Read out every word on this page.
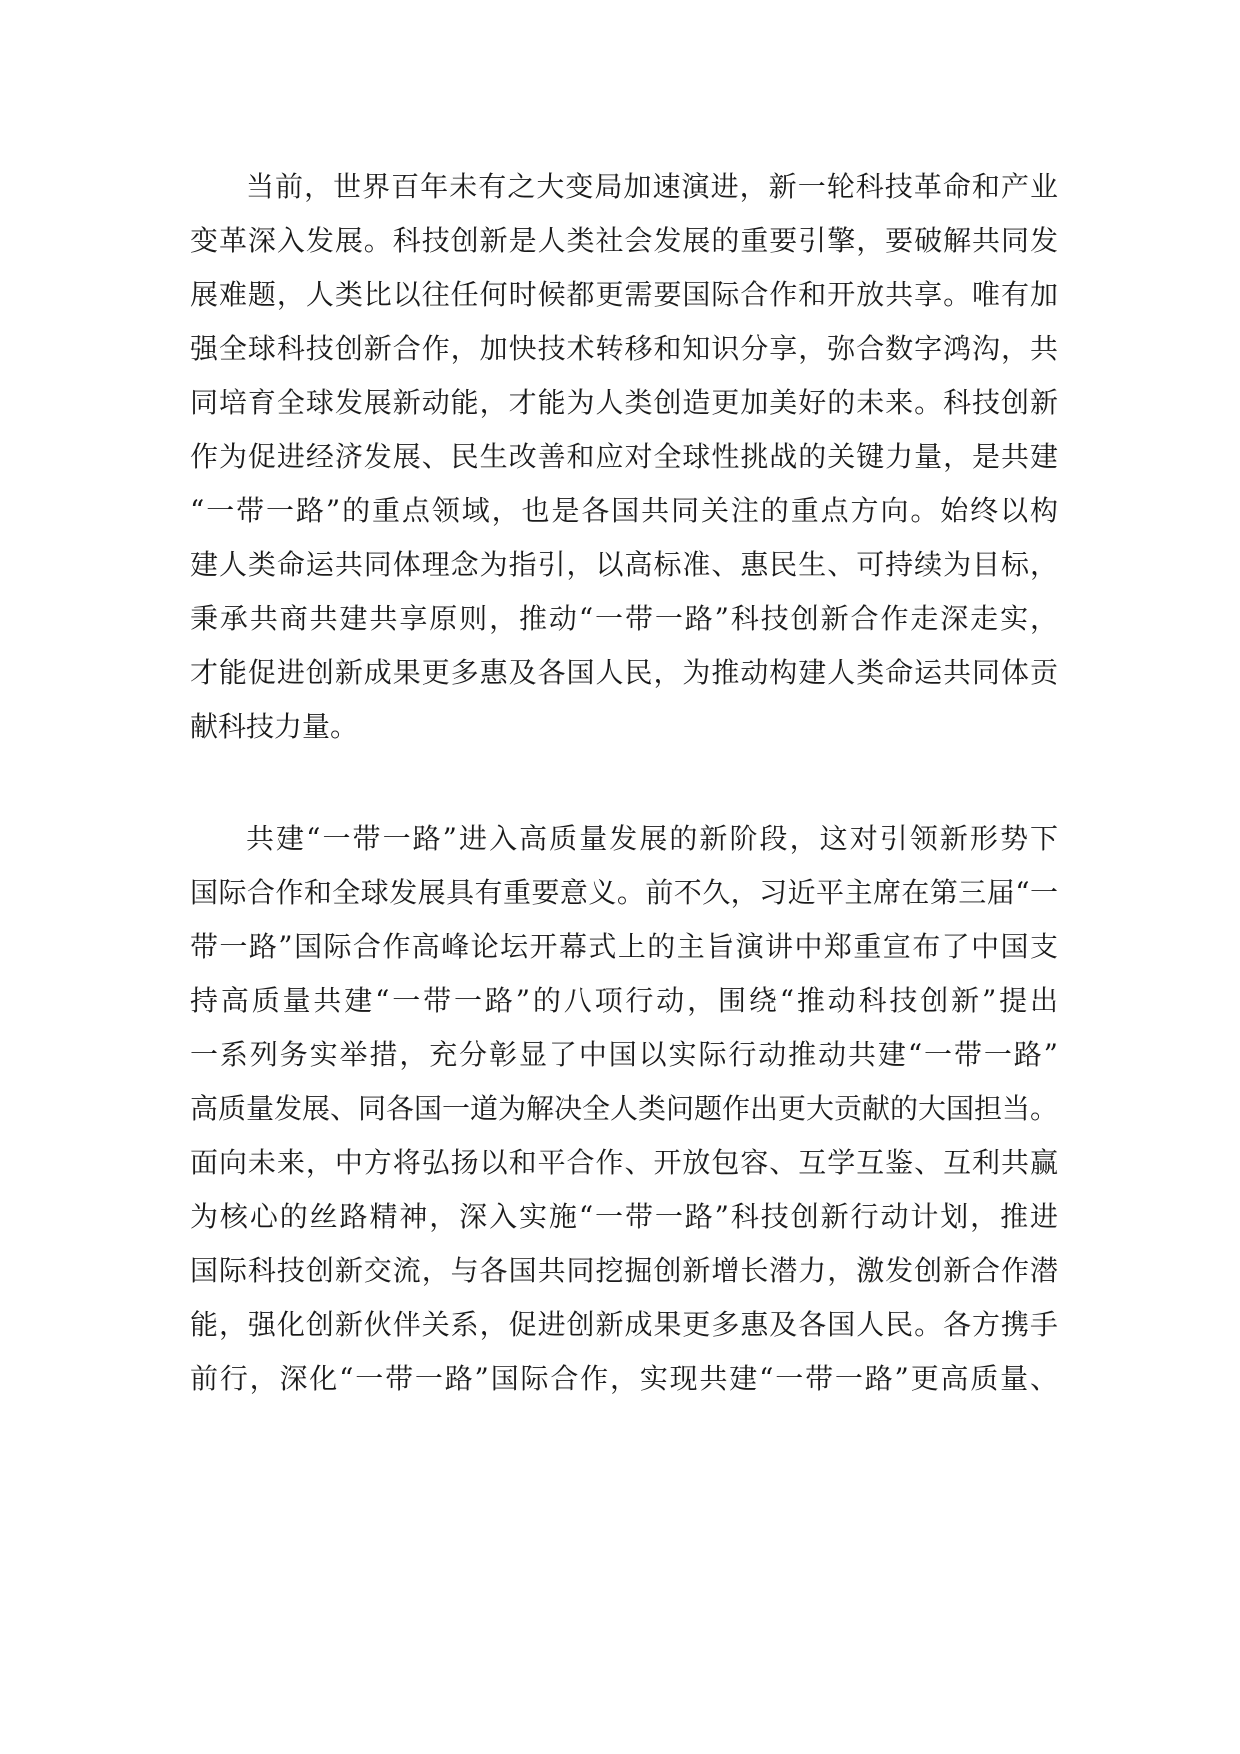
当前，世界百年未有之大变局加速演进，新一轮科技革命和产业
变革深入发展。科技创新是人类社会发展的重要引擎，要破解共同发
展难题，人类比以往任何时候都更需要国际合作和开放共享。唯有加
强全球科技创新合作，加快技术转移和知识分享，弥合数字鸿沟，共
同培育全球发展新动能，才能为人类创造更加美好的未来。科技创新
作为促进经济发展、民生改善和应对全球性挑战的关键力量，是共建
“一带一路”的重点领域，也是各国共同关注的重点方向。始终以构
建人类命运共同体理念为指引，以高标准、惠民生、可持续为目标，
秉承共商共建共享原则，推动“一带一路”科技创新合作走深走实，
才能促进创新成果更多惠及各国人民，为推动构建人类命运共同体贡
献科技力量。
共建“一带一路”进入高质量发展的新阶段，这对引领新形势下
国际合作和全球发展具有重要意义。前不久，习近平主席在第三届“一
带一路”国际合作高峰论坛开幕式上的主旨演讲中郑重宣布了中国支
持高质量共建“一带一路”的八项行动，围绕“推动科技创新”提出
一系列务实举措，充分彰显了中国以实际行动推动共建“一带一路”
高质量发展、同各国一道为解决全人类问题作出更大贡献的大国担当。
面向未来，中方将弘扬以和平合作、开放包容、互学互鉴、互利共赢
为核心的丝路精神，深入实施“一带一路”科技创新行动计划，推进
国际科技创新交流，与各国共同挖掘创新增长潜力，激发创新合作潜
能，强化创新伙伴关系，促进创新成果更多惠及各国人民。各方携手
前行，深化“一带一路”国际合作，实现共建“一带一路”更高质量、
